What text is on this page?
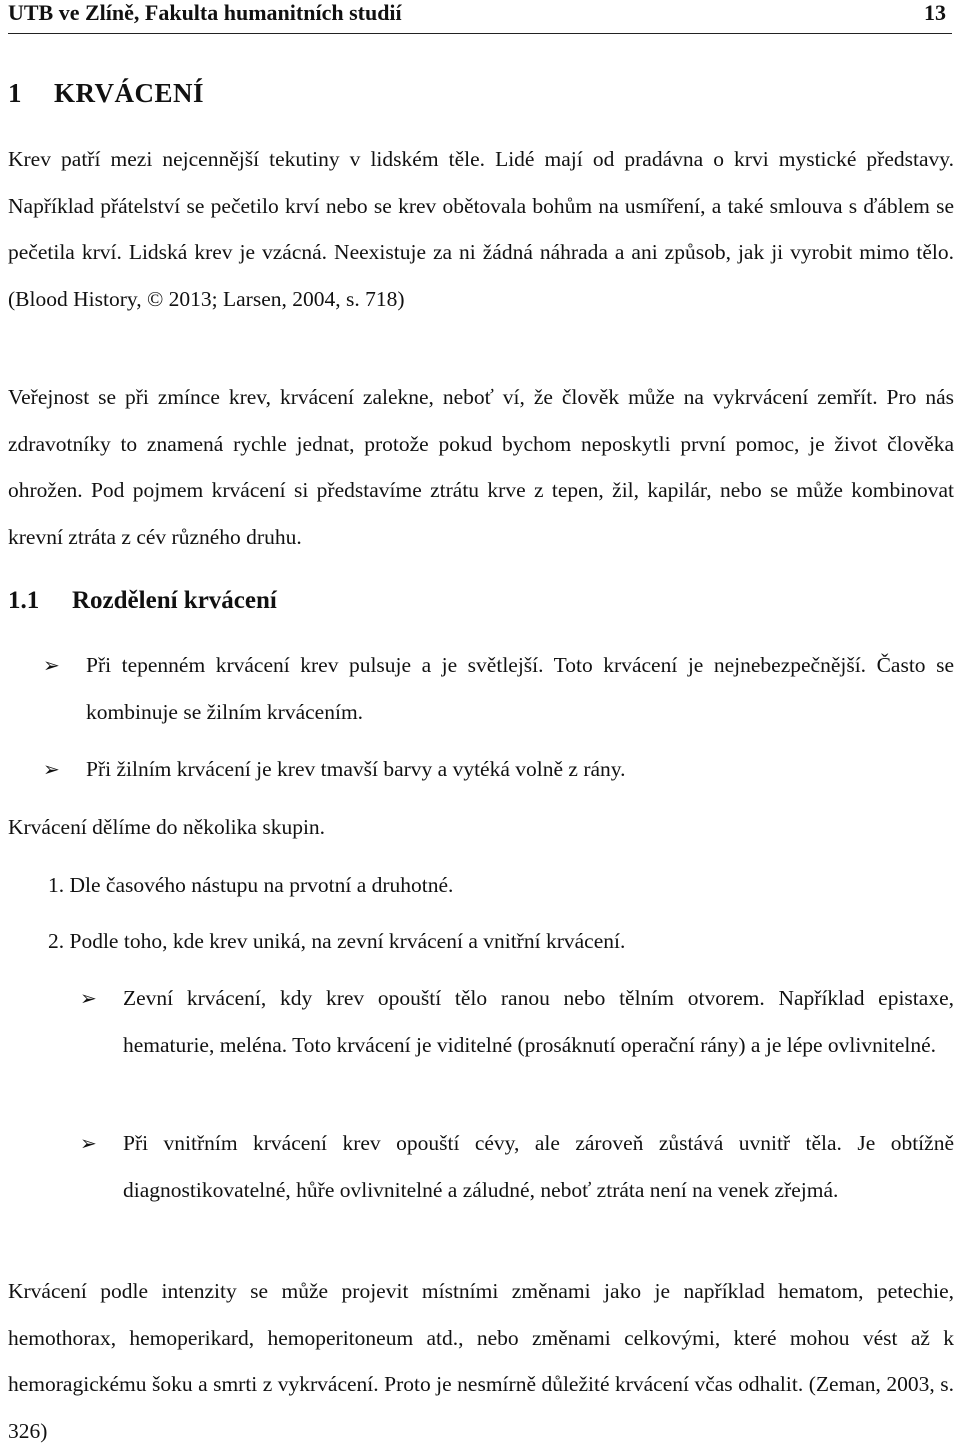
UTB ve Zlíně, Fakulta humanitních studií	13
1 KRVÁCENÍ

Krev patří mezi nejcennější tekutiny v lidském těle. Lidé mají od pradávna o krvi mystické představy. Například přátelství se pečetilo krví nebo se krev obětovala bohům na usmíření, a také smlouva s ďáblem se pečetila krví. Lidská krev je vzácná. Neexistuje za ni žádná náhrada a ani způsob, jak ji vyrobit mimo tělo. (Blood History, © 2013; Larsen, 2004, s. 718)

Veřejnost se při zmínce krev, krvácení zalekne, neboť ví, že člověk může na vykrvácení zemřít. Pro nás zdravotníky to znamená rychle jednat, protože pokud bychom neposkytli první pomoc, je život člověka ohrožen. Pod pojmem krvácení si představíme ztrátu krve z tepen, žil, kapilár, nebo se může kombinovat krevní ztráta z cév různého druhu.

1.1 Rozdělení krvácení
➢ Při tepenném krvácení krev pulsuje a je světlejší. Toto krvácení je nejnebezpečnější. Často se kombinuje se žilním krvácením.
➢ Při žilním krvácení je krev tmavší barvy a vytéká volně z rány.
Krvácení dělíme do několika skupin.
1. Dle časového nástupu na prvotní a druhotné.
2. Podle toho, kde krev uniká, na zevní krvácení a vnitřní krvácení.
➢ Zevní krvácení, kdy krev opouští tělo ranou nebo tělním otvorem. Například epistaxe, hematurie, meléna. Toto krvácení je viditelné (prosáknutí operační rány) a je lépe ovlivnitelné.
➢ Při vnitřním krvácení krev opouští cévy, ale zároveň zůstává uvnitř těla. Je obtížně diagnostikovatelné, hůře ovlivnitelné a záludné, neboť ztráta není na venek zřejmá.

Krvácení podle intenzity se může projevit místními změnami jako je například hematom, petechie, hemothorax, hemoperikard, hemoperitoneum atd., nebo změnami celkovými, které mohou vést až k hemoragickému šoku a smrti z vykrvácení. Proto je nesmírně důležité krvácení včas odhalit. (Zeman, 2003, s. 326)
